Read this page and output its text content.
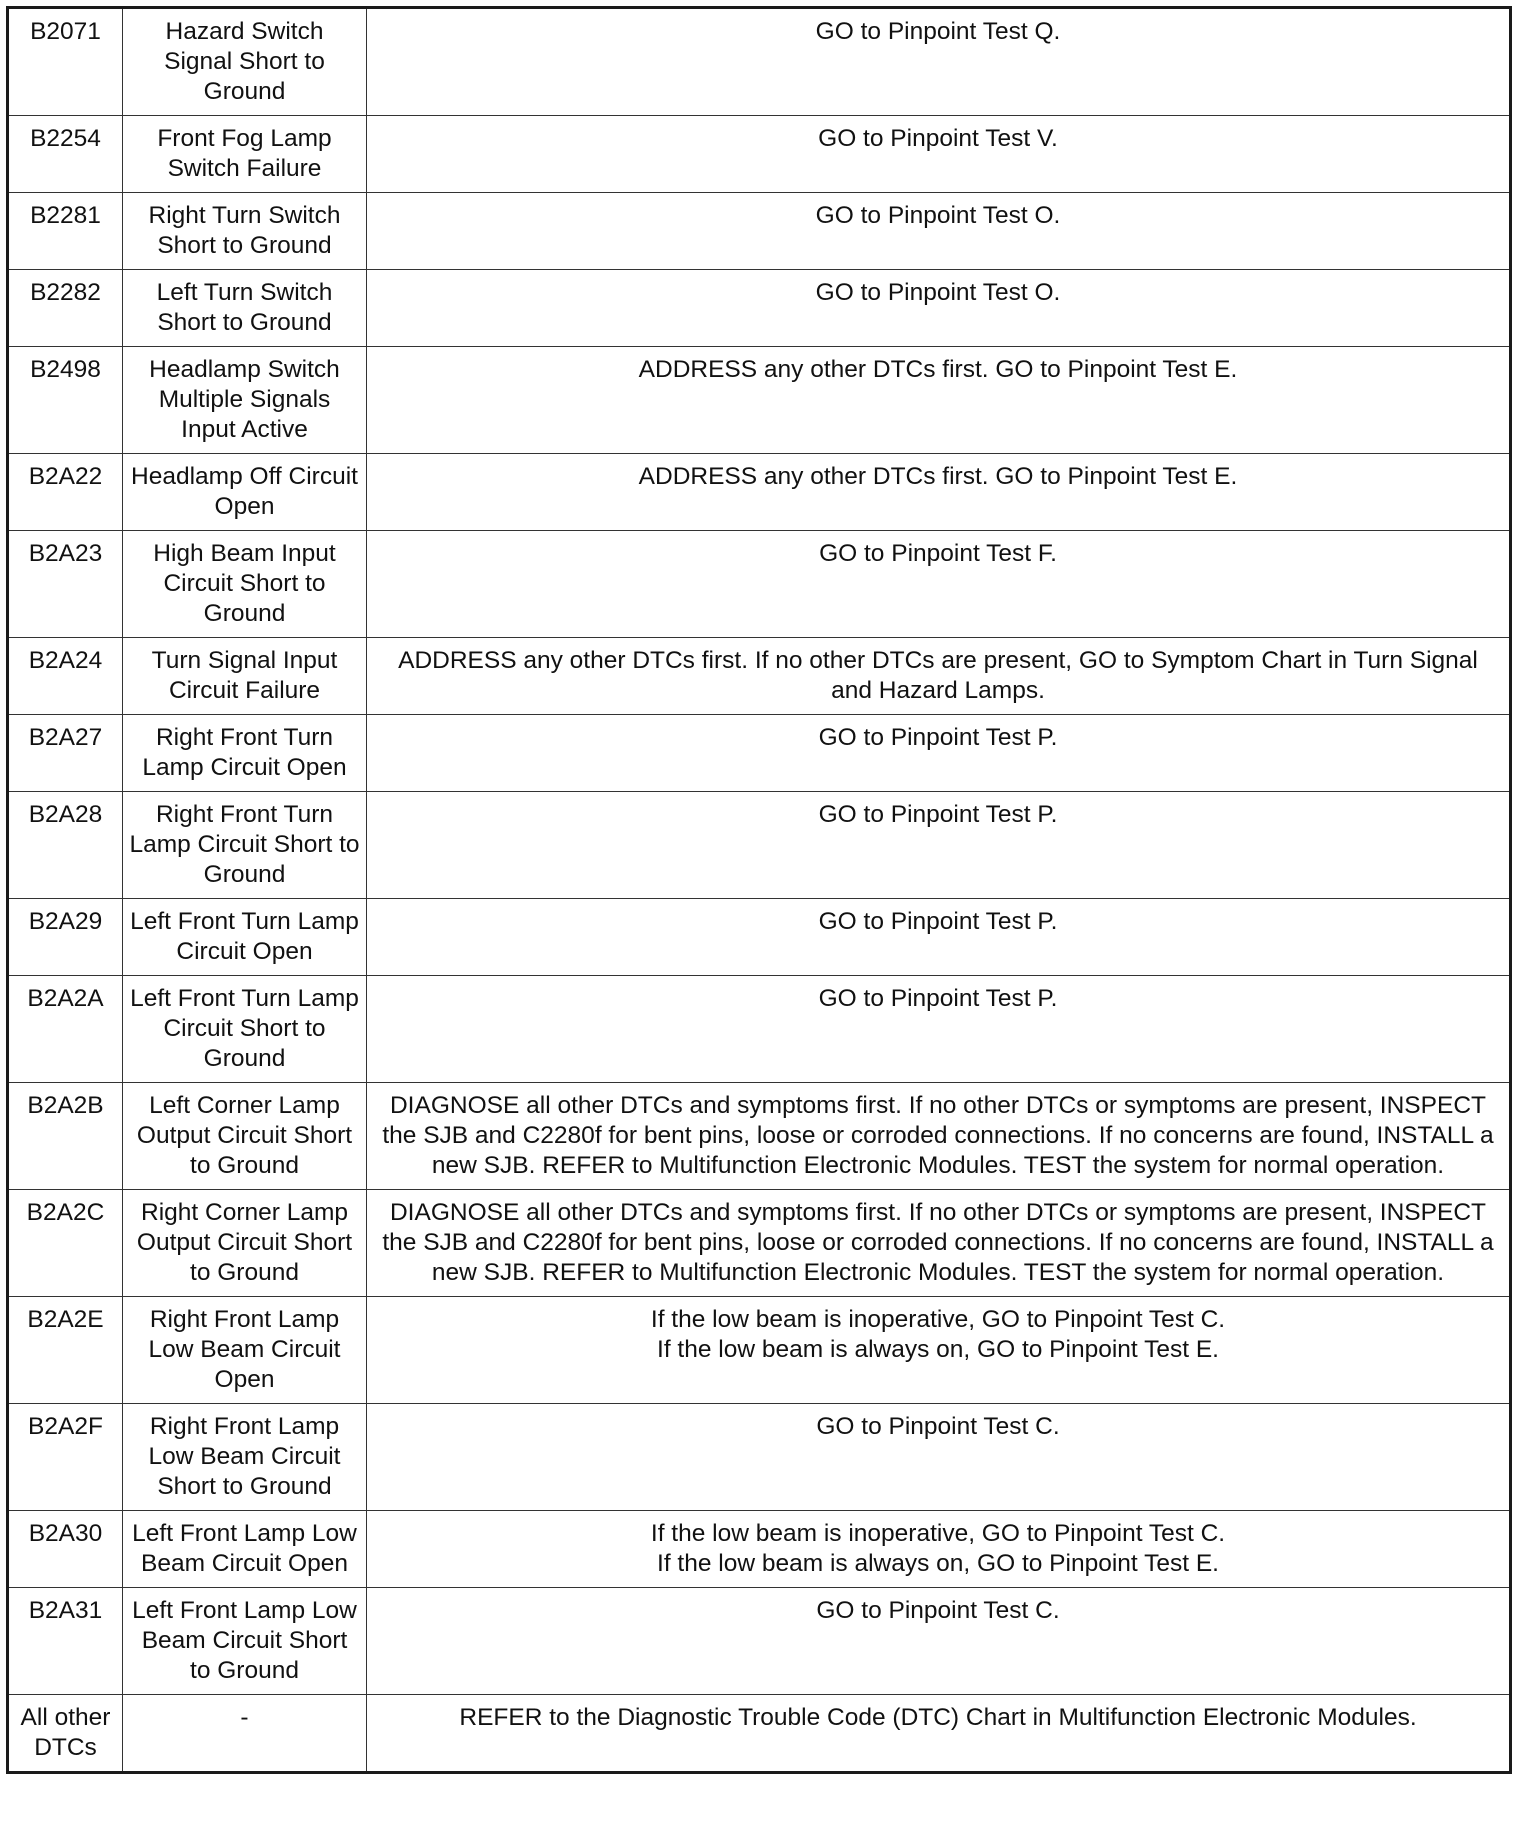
B2071	Hazard Switch Signal Short to Ground	GO to Pinpoint Test Q.
B2254	Front Fog Lamp Switch Failure	GO to Pinpoint Test V.
B2281	Right Turn Switch Short to Ground	GO to Pinpoint Test O.
B2282	Left Turn Switch Short to Ground	GO to Pinpoint Test O.
B2498	Headlamp Switch Multiple Signals Input Active	ADDRESS any other DTCs first. GO to Pinpoint Test E.
B2A22	Headlamp Off Circuit Open	ADDRESS any other DTCs first. GO to Pinpoint Test E.
B2A23	High Beam Input Circuit Short to Ground	GO to Pinpoint Test F.
B2A24	Turn Signal Input Circuit Failure	ADDRESS any other DTCs first. If no other DTCs are present, GO to Symptom Chart in Turn Signal and Hazard Lamps.
B2A27	Right Front Turn Lamp Circuit Open	GO to Pinpoint Test P.
B2A28	Right Front Turn Lamp Circuit Short to Ground	GO to Pinpoint Test P.
B2A29	Left Front Turn Lamp Circuit Open	GO to Pinpoint Test P.
B2A2A	Left Front Turn Lamp Circuit Short to Ground	GO to Pinpoint Test P.
B2A2B	Left Corner Lamp Output Circuit Short to Ground	DIAGNOSE all other DTCs and symptoms first. If no other DTCs or symptoms are present, INSPECT the SJB and C2280f for bent pins, loose or corroded connections. If no concerns are found, INSTALL a new SJB. REFER to Multifunction Electronic Modules. TEST the system for normal operation.
B2A2C	Right Corner Lamp Output Circuit Short to Ground	DIAGNOSE all other DTCs and symptoms first. If no other DTCs or symptoms are present, INSPECT the SJB and C2280f for bent pins, loose or corroded connections. If no concerns are found, INSTALL a new SJB. REFER to Multifunction Electronic Modules. TEST the system for normal operation.
B2A2E	Right Front Lamp Low Beam Circuit Open	If the low beam is inoperative, GO to Pinpoint Test C.
If the low beam is always on, GO to Pinpoint Test E.
B2A2F	Right Front Lamp Low Beam Circuit Short to Ground	GO to Pinpoint Test C.
B2A30	Left Front Lamp Low Beam Circuit Open	If the low beam is inoperative, GO to Pinpoint Test C.
If the low beam is always on, GO to Pinpoint Test E.
B2A31	Left Front Lamp Low Beam Circuit Short to Ground	GO to Pinpoint Test C.
All other DTCs	-	REFER to the Diagnostic Trouble Code (DTC) Chart in Multifunction Electronic Modules.
